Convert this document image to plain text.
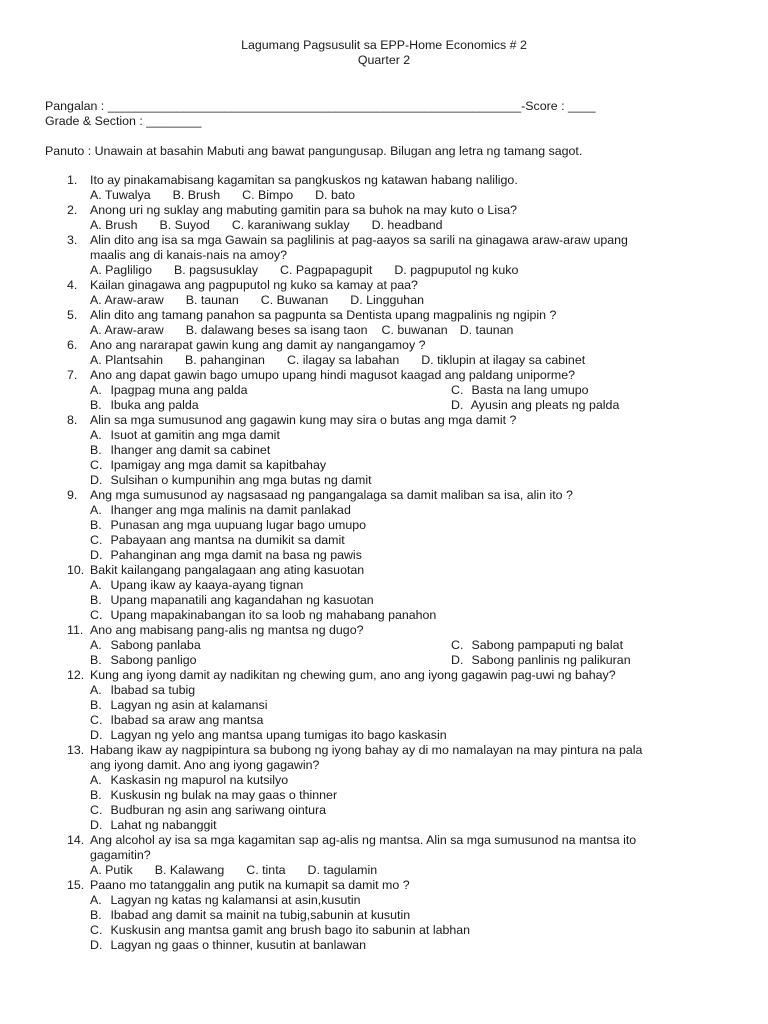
Lagumang Pagsusulit sa EPP-Home Economics # 2
Quarter 2
Pangalan : ____________________________________________________________-Score : ____
Grade & Section : ________
Panuto : Unawain at basahin Mabuti ang bawat pangungusap. Bilugan ang letra ng tamang sagot.
1.	Ito ay pinakamabisang kagamitan sa pangkuskos ng katawan habang naliligo.
A. Tuwalya B. Brush C. Bimpo D. bato
2.	Anong uri ng suklay ang mabuting gamitin para sa buhok na may kuto o Lisa?
A. Brush B. Suyod C. karaniwang suklay D. headband
3.	Alin dito ang isa sa mga Gawain sa paglilinis at pag-aayos sa sarili na ginagawa araw-araw upang
maalis ang di kanais-nais na amoy?
A. Pagliligo B. pagsusuklay C. Pagpapagupit D. pagpuputol ng kuko
4.	Kailan ginagawa ang pagpuputol ng kuko sa kamay at paa?
A. Araw-araw B. taunan C. Buwanan D. Lingguhan
5.	Alin dito ang tamang panahon sa pagpunta sa Dentista upang magpalinis ng ngipin ?
A. Araw-araw B. dalawang beses sa isang taon C. buwanan D. taunan
6.	Ano ang nararapat gawin kung ang damit ay nangangamoy ?
A. Plantsahin B. pahanginan C. ilagay sa labahan D. tiklupin at ilagay sa cabinet
7.	Ano ang dapat gawin bago umupo upang hindi magusot kaagad ang paldang uniporme?
A. Ipagpag muna ang palda	C. Basta na lang umupo
B. Ibuka ang palda	D. Ayusin ang pleats ng palda
8.	Alin sa mga sumusunod ang gagawin kung may sira o butas ang mga damit ?
A. Isuot at gamitin ang mga damit
B. Ihanger ang damit sa cabinet
C. Ipamigay ang mga damit sa kapitbahay
D. Sulsihan o kumpunihin ang mga butas ng damit
9.	Ang mga sumusunod ay nagsasaad ng pangangalaga sa damit maliban sa isa, alin ito ?
A. Ihanger ang mga malinis na damit panlakad
B. Punasan ang mga uupuang lugar bago umupo
C. Pabayaan ang mantsa na dumikit sa damit
D. Pahanginan ang mga damit na basa ng pawis
10. Bakit kailangang pangalagaan ang ating kasuotan
A. Upang ikaw ay kaaya-ayang tignan
B. Upang mapanatili ang kagandahan ng kasuotan
C. Upang mapakinabangan ito sa loob ng mahabang panahon
11. Ano ang mabisang pang-alis ng mantsa ng dugo?
A. Sabong panlaba	C. Sabong pampaputi ng balat
B. Sabong panligo	D. Sabong panlinis ng palikuran
12. Kung ang iyong damit ay nadikitan ng chewing gum, ano ang iyong gagawin pag-uwi ng bahay?
A. Ibabad sa tubig
B. Lagyan ng asin at kalamansi
C. Ibabad sa araw ang mantsa
D. Lagyan ng yelo ang mantsa upang tumigas ito bago kaskasin
13. Habang ikaw ay nagpipintura sa bubong ng iyong bahay ay di mo namalayan na may pintura na pala
ang iyong damit. Ano ang iyong gagawin?
A. Kaskasin ng mapurol na kutsilyo
B. Kuskusin ng bulak na may gaas o thinner
C. Budburan ng asin ang sariwang ointura
D. Lahat ng nabanggit
14. Ang alcohol ay isa sa mga kagamitan sap ag-alis ng mantsa. Alin sa mga sumusunod na mantsa ito
gagamitin?
A. Putik B. Kalawang C. tinta D. tagulamin
15. Paano mo tatanggalin ang putik na kumapit sa damit mo ?
A. Lagyan ng katas ng kalamansi at asin,kusutin
B. Ibabad ang damit sa mainit na tubig,sabunin at kusutin
C. Kuskusin ang mantsa gamit ang brush bago ito sabunin at labhan
D. Lagyan ng gaas o thinner, kusutin at banlawan
